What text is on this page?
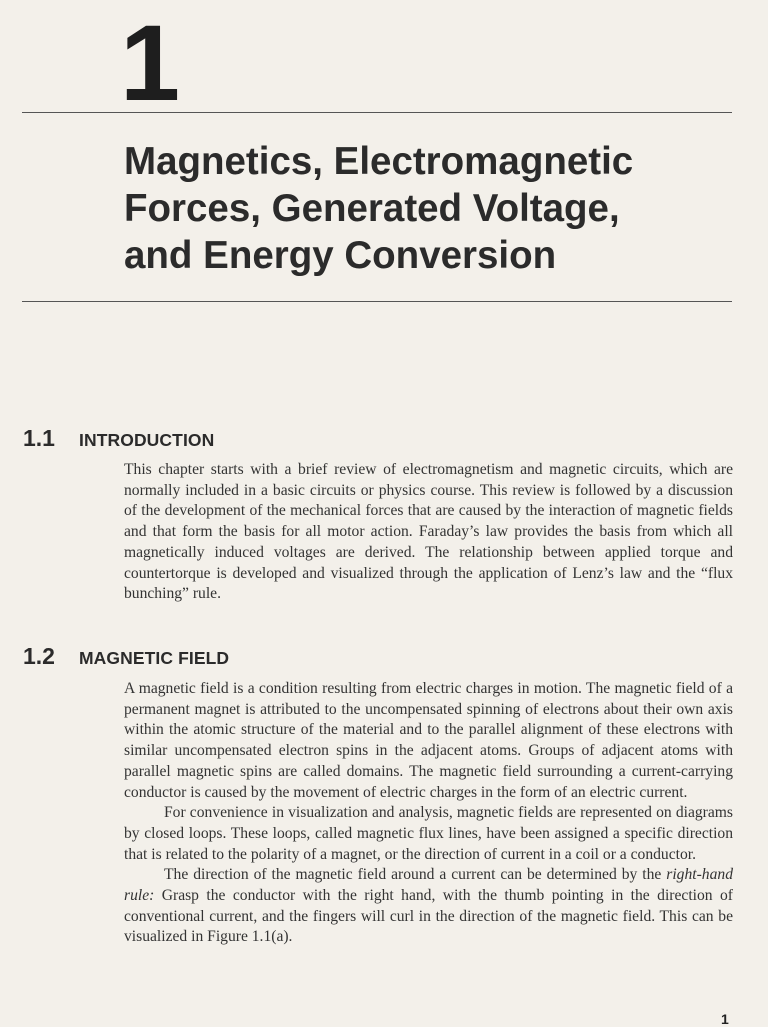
1
Magnetics, Electromagnetic
Forces, Generated Voltage,
and Energy Conversion
1.1 INTRODUCTION

This chapter starts with a brief review of electromagnetism and magnetic circuits, which are normally included in a basic circuits or physics course. This review is followed by a discussion of the development of the mechanical forces that are caused by the interaction of magnetic fields and that form the basis for all motor action. Faraday’s law provides the basis from which all magnetically induced voltages are derived. The relationship between applied torque and countertorque is developed and visualized through the application of Lenz’s law and the “flux bunching” rule.

1.2 MAGNETIC FIELD

A magnetic field is a condition resulting from electric charges in motion. The magnetic field of a permanent magnet is attributed to the uncompensated spinning of electrons about their own axis within the atomic structure of the material and to the parallel alignment of these electrons with similar uncompensated electron spins in the adjacent atoms. Groups of adjacent atoms with parallel magnetic spins are called domains. The magnetic field surrounding a current-carrying conductor is caused by the movement of electric charges in the form of an electric current.

For convenience in visualization and analysis, magnetic fields are represented on diagrams by closed loops. These loops, called magnetic flux lines, have been assigned a specific direction that is related to the polarity of a magnet, or the direction of current in a coil or a conductor.

The direction of the magnetic field around a current can be determined by the right-hand rule: Grasp the conductor with the right hand, with the thumb pointing in the direction of conventional current, and the fingers will curl in the direction of the magnetic field. This can be visualized in Figure 1.1(a).

1
